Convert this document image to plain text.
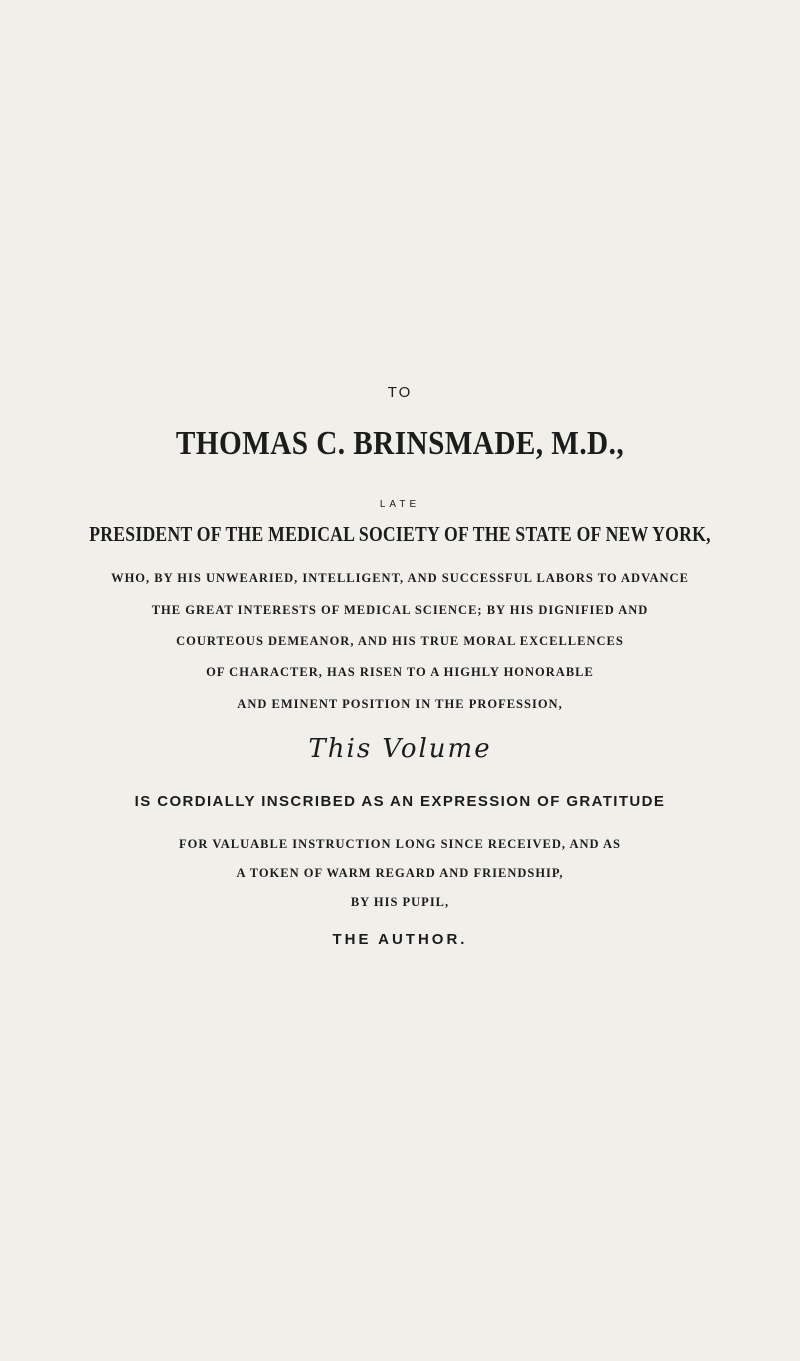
TO
THOMAS C. BRINSMADE, M.D.,
LATE
PRESIDENT OF THE MEDICAL SOCIETY OF THE STATE OF NEW YORK,
WHO, BY HIS UNWEARIED, INTELLIGENT, AND SUCCESSFUL LABORS TO ADVANCE
THE GREAT INTERESTS OF MEDICAL SCIENCE; BY HIS DIGNIFIED AND
COURTEOUS DEMEANOR, AND HIS TRUE MORAL EXCELLENCES
OF CHARACTER, HAS RISEN TO A HIGHLY HONORABLE
AND EMINENT POSITION IN THE PROFESSION,
This Volume
IS CORDIALLY INSCRIBED AS AN EXPRESSION OF GRATITUDE
FOR VALUABLE INSTRUCTION LONG SINCE RECEIVED, AND AS
A TOKEN OF WARM REGARD AND FRIENDSHIP,
BY HIS PUPIL,
THE AUTHOR.
